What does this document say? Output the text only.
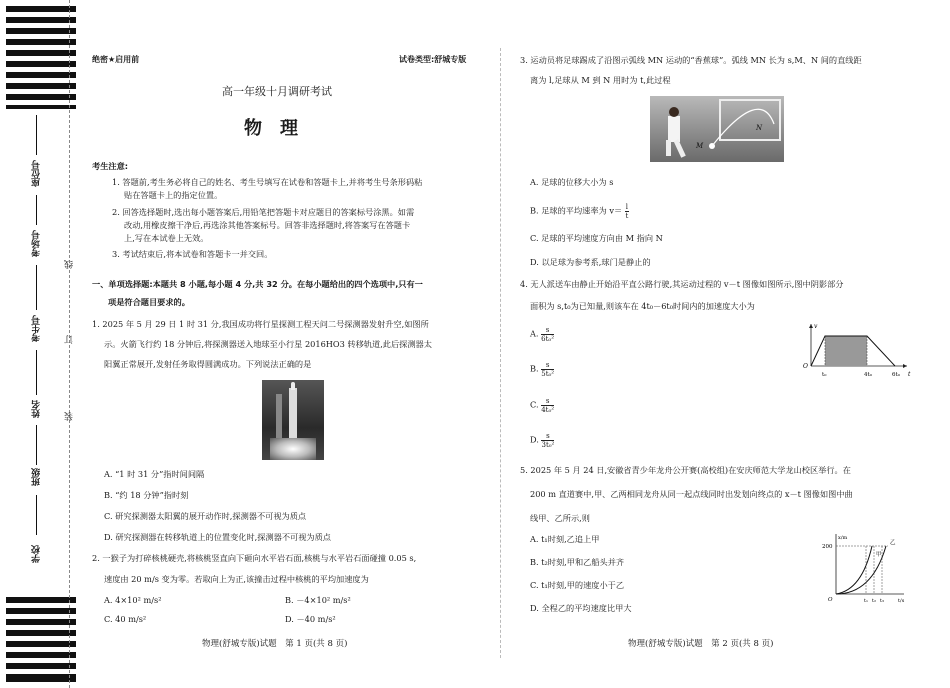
座位号
考场号
考生号
姓名
班级
学校
线
订
装
绝密★启用前	试卷类型:舒城专版
高一年级十月调研考试
物　理
考生注意:
1. 答题前,考生务必将自己的姓名、考生号填写在试卷和答题卡上,并将考生号条形码粘
贴在答题卡上的指定位置。
2. 回答选择题时,选出每小题答案后,用铅笔把答题卡对应题目的答案标号涂黑。如需
改动,用橡皮擦干净后,再选涂其他答案标号。回答非选择题时,将答案写在答题卡
上,写在本试卷上无效。
3. 考试结束后,将本试卷和答题卡一并交回。
一、单项选择题:本题共 8 小题,每小题 4 分,共 32 分。在每小题给出的四个选项中,只有一
项是符合题目要求的。
1. 2025 年 5 月 29 日 1 时 31 分,我国成功将行星探测工程天问二号探测器发射升空,如图所
示。火箭飞行约 18 分钟后,将探测器送入地球至小行星 2016HO3 转移轨道,此后探测器太
阳翼正常展开,发射任务取得圆满成功。下列说法正确的是
A. “1 时 31 分”指时间间隔
B. “约 18 分钟”指时刻
C. 研究探测器太阳翼的展开动作时,探测器不可视为质点
D. 研究探测器在转移轨道上的位置变化时,探测器不可视为质点
2. 一猴子为打碎核桃硬壳,将核桃竖直向下砸向水平岩石面,核桃与水平岩石面碰撞 0.05 s,
速度由 20 m/s 变为零。若取向上为正,该撞击过程中核桃的平均加速度为
A. 4×10² m/s²	B. －4×10² m/s²
C. 40 m/s²	D. －40 m/s²
物理(舒城专版)试题　第 1 页(共 8 页)
3. 运动员将足球踢成了沿图示弧线 MN 运动的“香蕉球”。弧线 MN 长为 s,M、N 间的直线距
离为 l,足球从 M 到 N 用时为 t,此过程
M
N
A. 足球的位移大小为 s
B. 足球的平均速率为 $v= \frac{l}{t}$
C. 足球的平均速度方向由 M 指向 N
D. 以足球为参考系,球门是静止的
4. 无人派送车由静止开始沿平直公路行驶,其运动过程的 v－t 图像如图所示,图中阴影部分
面积为 s,t₀为已知量,则该车在 4t₀－6t₀时间内的加速度大小为
A. $\frac{s}{\text{6t₀²}}$
B. $\frac{s}{\text{5t₀²}}$
C. $\frac{s}{\text{4t₀²}}$
D. $\frac{s}{\text{3t₀²}}$
O
v
t
t₀	4t₀	6t₀
5. 2025 年 5 月 24 日,安徽省青少年龙舟公开赛(高校组)在安庆师范大学龙山校区举行。在
200 m 直道赛中,甲、乙两相同龙舟从同一起点线同时出发划向终点的 x－t 图像如图中曲
线甲、乙所示,则
A. t₁时刻,乙追上甲
B. t₂时刻,甲和乙船头并齐
C. t₁时刻,甲的速度小于乙
D. 全程乙的平均速度比甲大
t₁ t₂ t₃
200
O
x/m
t/s
甲
乙
物理(舒城专版)试题　第 2 页(共 8 页)
